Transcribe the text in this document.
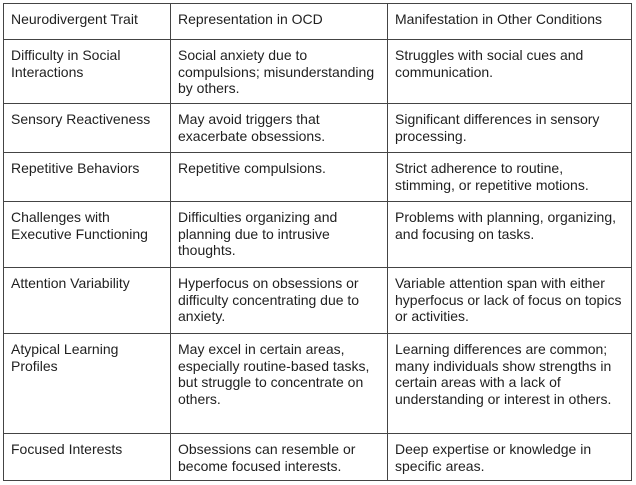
Neurodivergent Trait	Representation in OCD	Manifestation in Other Conditions
Difficulty in Social Interactions	Social anxiety due to compulsions; misunderstanding by others.	Struggles with social cues and communication.
Sensory Reactiveness	May avoid triggers that exacerbate obsessions.	Significant differences in sensory processing.
Repetitive Behaviors	Repetitive compulsions.	Strict adherence to routine, stimming, or repetitive motions.
Challenges with Executive Functioning	Difficulties organizing and planning due to intrusive thoughts.	Problems with planning, organizing, and focusing on tasks.
Attention Variability	Hyperfocus on obsessions or difficulty concentrating due to anxiety.	Variable attention span with either hyperfocus or lack of focus on topics or activities.
Atypical Learning Profiles	May excel in certain areas, especially routine-based tasks, but struggle to concentrate on others.	Learning differences are common; many individuals show strengths in certain areas with a lack of understanding or interest in others.
Focused Interests	Obsessions can resemble or become focused interests.	Deep expertise or knowledge in specific areas.
